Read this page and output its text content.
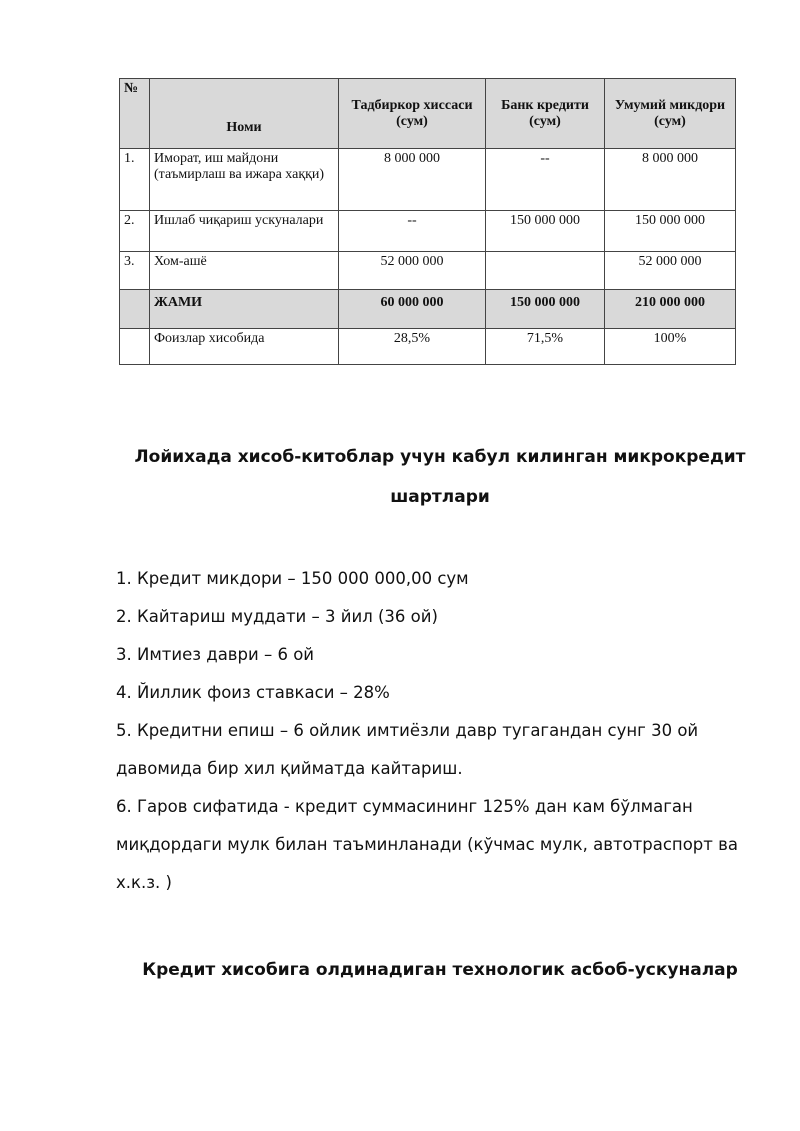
№	Номи	Тадбиркор хиссаси (сум)	Банк кредити (сум)	Умумий микдори (сум)
1.	Иморат, иш майдони (таъмирлаш ва ижара хаққи)	8 000 000	--	8 000 000
2.	Ишлаб чиқариш ускуналари	--	150 000 000	150 000 000
3.	Хом-ашё	52 000 000		52 000 000
	ЖАМИ	60 000 000	150 000 000	210 000 000
	Фоизлар хисобида	28,5%	71,5%	100%
Лойихада хисоб-китоблар учун кабул килинган микрокредит шартлари
1. Кредит микдори – 150 000 000,00 сум
2. Кайтариш муддати – 3 йил (36 ой)
3. Имтиез даври – 6 ой
4. Йиллик фоиз ставкаси – 28%
5. Кредитни епиш – 6 ойлик имтиёзли давр тугагандан сунг 30 ой давомида бир хил қийматда кайтариш.
6. Гаров сифатида - кредит суммасининг 125% дан кам бўлмаган миқдордаги мулк билан таъминланади (кўчмас мулк, автотраспорт ва х.к.з. )
Кредит хисобига олдинадиган технологик асбоб-ускуналар
